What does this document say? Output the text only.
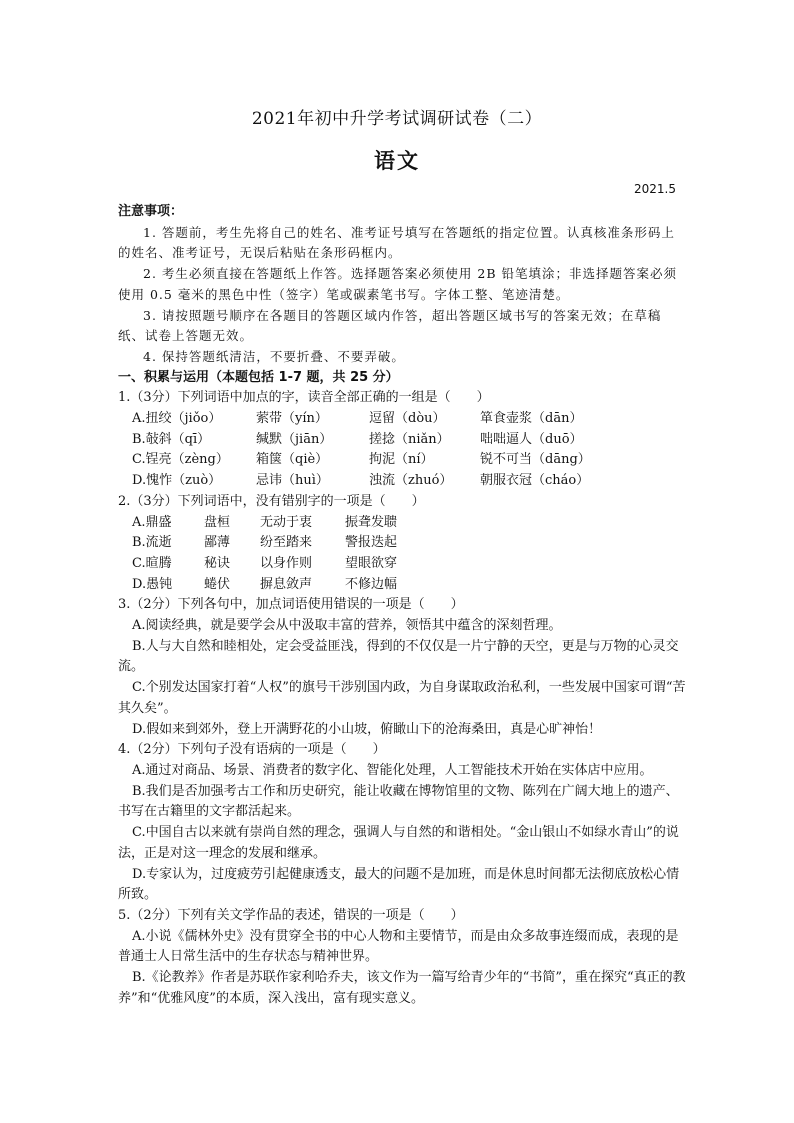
2021年初中升学考试调研试卷（二）
语文
2021.5
注意事项：

1. 答题前，考生先将自己的姓名、准考证号填写在答题纸的指定位置。认真核准条形码上的姓名、准考证号，无误后粘贴在条形码框内。

2. 考生必须直接在答题纸上作答。选择题答案必须使用 2B 铅笔填涂；非选择题答案必须使用 0.5 毫米的黑色中性（签字）笔或碳素笔书写。字体工整、笔迹清楚。

3. 请按照题号顺序在各题目的答题区域内作答，超出答题区域书写的答案无效；在草稿纸、试卷上答题无效。

4. 保持答题纸清洁，不要折叠、不要弄破。

一、积累与运用（本题包括 1-7 题，共 25 分）

1.（3分）下列词语中加点的字，读音全部正确的一组是（　　）

A.扭绞（jiǒo）	萦带（yín）	逗留（dòu）	箪食壶浆（dān）
B.敧斜（qī）	缄默（jiān）	搓捻（niǎn）	咄咄逼人（duō）
C.锃亮（zèng）	箱箧（qiè）	拘泥（ní）	锐不可当（dāng）
D.愧怍（zuò）	忌讳（huì）	浊流（zhuó）	朝服衣冠（cháo）

2.（3分）下列词语中，没有错别字的一项是（　　）

A.鼎盛	盘桓	无动于衷	振聋发聩
B.流逝	鄙薄	纷至踏来	警报迭起
C.暄腾	秘诀	以身作则	望眼欲穿
D.愚钝	蜷伏	摒息敛声	不修边幅

3.（2分）下列各句中，加点词语使用错误的一项是（　　）

A.阅读经典，就是要学会从中汲取丰富的营养，领悟其中蕴含的深刻哲理。

B.人与大自然和睦相处，定会受益匪浅，得到的不仅仅是一片宁静的天空，更是与万物的心灵交流。

C.个别发达国家打着“人权”的旗号干涉别国内政，为自身谋取政治私利，一些发展中国家可谓“苦其久矣”。

D.假如来到郊外，登上开满野花的小山坡，俯瞰山下的沧海桑田，真是心旷神怡！

4.（2分）下列句子没有语病的一项是（　　）

A.通过对商品、场景、消费者的数字化、智能化处理，人工智能技术开始在实体店中应用。

B.我们是否加强考古工作和历史研究，能让收藏在博物馆里的文物、陈列在广阔大地上的遗产、书写在古籍里的文字都活起来。

C.中国自古以来就有崇尚自然的理念，强调人与自然的和谐相处。“金山银山不如绿水青山”的说法，正是对这一理念的发展和继承。

D.专家认为，过度疲劳引起健康透支，最大的问题不是加班，而是休息时间都无法彻底放松心情所致。

5.（2分）下列有关文学作品的表述，错误的一项是（　　）

A.小说《儒林外史》没有贯穿全书的中心人物和主要情节，而是由众多故事连缀而成，表现的是普通士人日常生活中的生存状态与精神世界。

B.《论教养》作者是苏联作家利哈乔夫，该文作为一篇写给青少年的“书简”，重在探究“真正的教养”和“优雅风度”的本质，深入浅出，富有现实意义。
